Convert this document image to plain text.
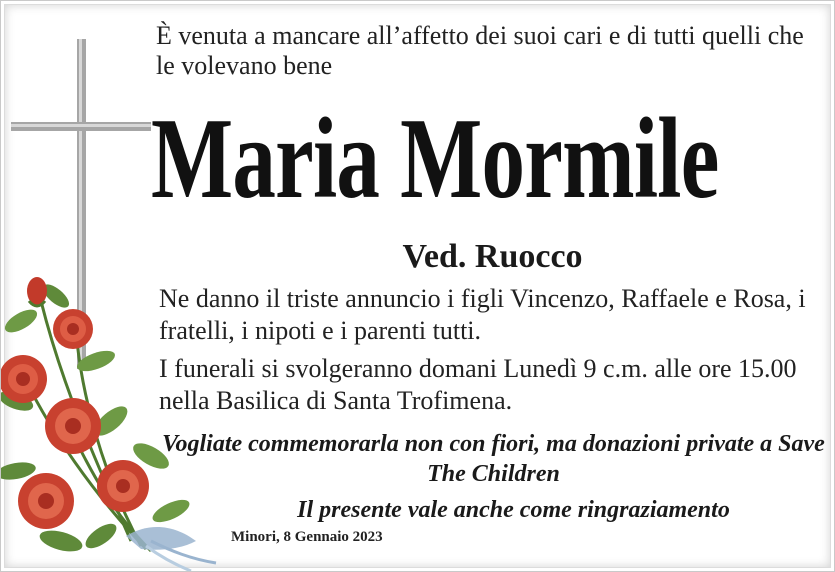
È venuta a mancare all’affetto dei suoi cari e di tutti quelli che le volevano bene
Maria Mormile
Ved. Ruocco
Ne danno il triste annuncio i figli Vincenzo, Raffaele e Rosa, i fratelli, i nipoti e i parenti tutti.
I funerali si svolgeranno domani Lunedì 9 c.m. alle ore 15.00 nella Basilica di Santa Trofimena.
Vogliate commemorarla non con fiori, ma donazioni private a Save The Children
Il presente vale anche come ringraziamento
Minori, 8 Gennaio 2023
